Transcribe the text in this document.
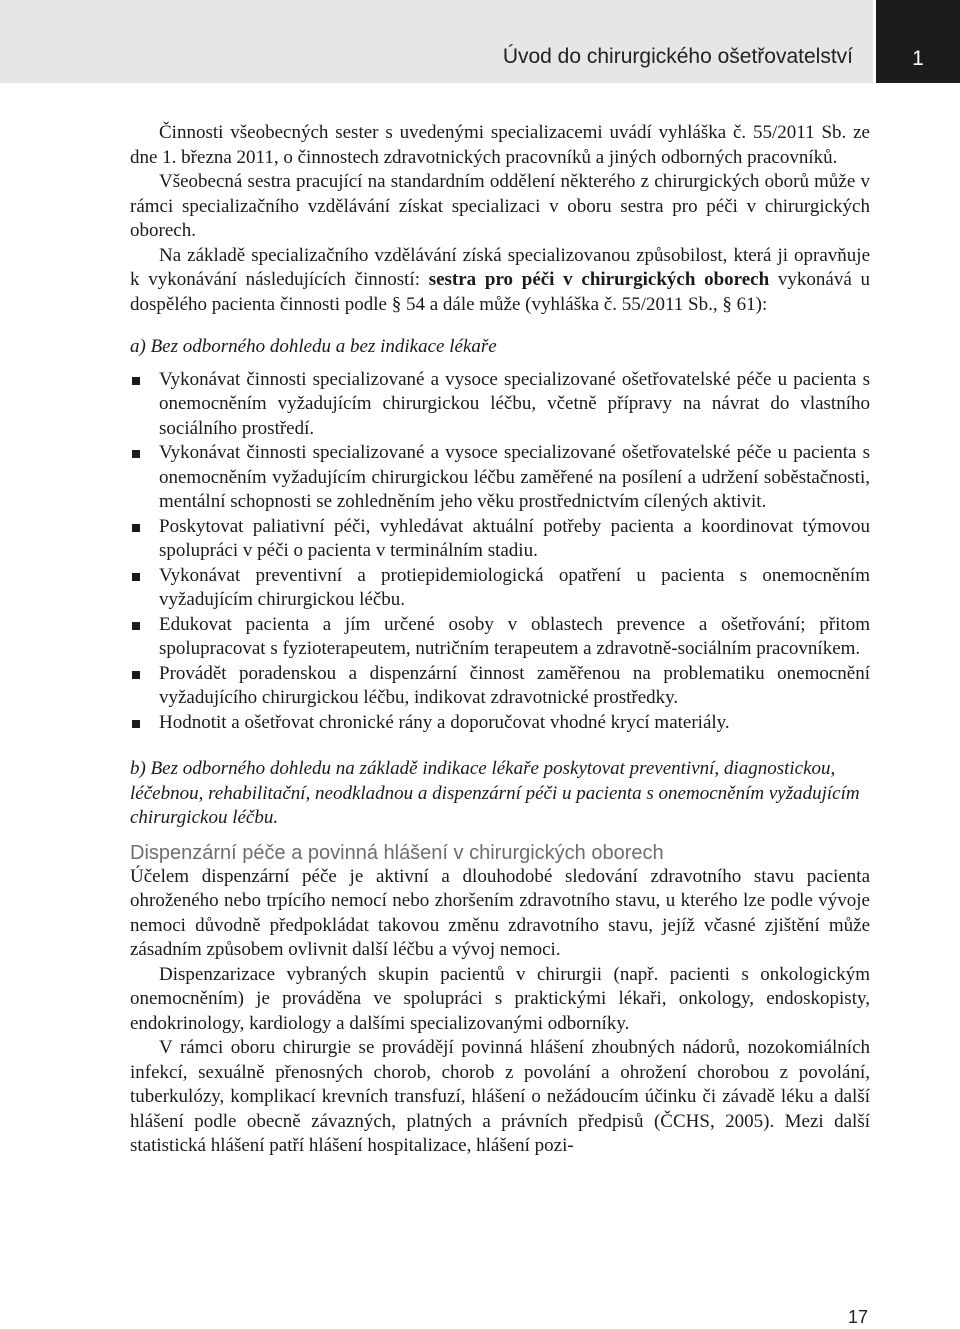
Úvod do chirurgického ošetřovatelství	1

Činnosti všeobecných sester s uvedenými specializacemi uvádí vyhláška č. 55/2011 Sb. ze dne 1. března 2011, o činnostech zdravotnických pracovníků a jiných odborných pracovníků.

Všeobecná sestra pracující na standardním oddělení některého z chirurgických oborů může v rámci specializačního vzdělávání získat specializaci v oboru sestra pro péči v chirurgických oborech.

Na základě specializačního vzdělávání získá specializovanou způsobilost, která ji opravňuje k vykonávání následujících činností: sestra pro péči v chirurgických oborech vykonává u dospělého pacienta činnosti podle § 54 a dále může (vyhláška č. 55/2011 Sb., § 61):

a) Bez odborného dohledu a bez indikace lékaře

Vykonávat činnosti specializované a vysoce specializované ošetřovatelské péče u pacienta s onemocněním vyžadujícím chirurgickou léčbu, včetně přípravy na návrat do vlastního sociálního prostředí.
Vykonávat činnosti specializované a vysoce specializované ošetřovatelské péče u pacienta s onemocněním vyžadujícím chirurgickou léčbu zaměřené na posílení a udržení soběstačnosti, mentální schopnosti se zohledněním jeho věku prostřednictvím cílených aktivit.
Poskytovat paliativní péči, vyhledávat aktuální potřeby pacienta a koordinovat týmovou spolupráci v péči o pacienta v terminálním stadiu.
Vykonávat preventivní a protiepidemiologická opatření u pacienta s onemocněním vyžadujícím chirurgickou léčbu.
Edukovat pacienta a jím určené osoby v oblastech prevence a ošetřování; přitom spolupracovat s fyzioterapeutem, nutričním terapeutem a zdravotně-sociálním pracovníkem.
Provádět poradenskou a dispenzární činnost zaměřenou na problematiku onemocnění vyžadujícího chirurgickou léčbu, indikovat zdravotnické prostředky.
Hodnotit a ošetřovat chronické rány a doporučovat vhodné krycí materiály.

b) Bez odborného dohledu na základě indikace lékaře poskytovat preventivní, diagnostickou, léčebnou, rehabilitační, neodkladnou a dispenzární péči u pacienta s onemocněním vyžadujícím chirurgickou léčbu.

Dispenzární péče a povinná hlášení v chirurgických oborech

Účelem dispenzární péče je aktivní a dlouhodobé sledování zdravotního stavu pacienta ohroženého nebo trpícího nemocí nebo zhoršením zdravotního stavu, u kterého lze podle vývoje nemoci důvodně předpokládat takovou změnu zdravotního stavu, jejíž včasné zjištění může zásadním způsobem ovlivnit další léčbu a vývoj nemoci.

Dispenzarizace vybraných skupin pacientů v chirurgii (např. pacienti s onkologickým onemocněním) je prováděna ve spolupráci s praktickými lékaři, onkology, endoskopisty, endokrinology, kardiology a dalšími specializovanými odborníky.

V rámci oboru chirurgie se provádějí povinná hlášení zhoubných nádorů, nozokomiálních infekcí, sexuálně přenosných chorob, chorob z povolání a ohrožení chorobou z povolání, tuberkulózy, komplikací krevních transfuzí, hlášení o nežádoucím účinku či závadě léku a další hlášení podle obecně závazných, platných a právních předpisů (ČCHS, 2005). Mezi další statistická hlášení patří hlášení hospitalizace, hlášení pozi-

17
